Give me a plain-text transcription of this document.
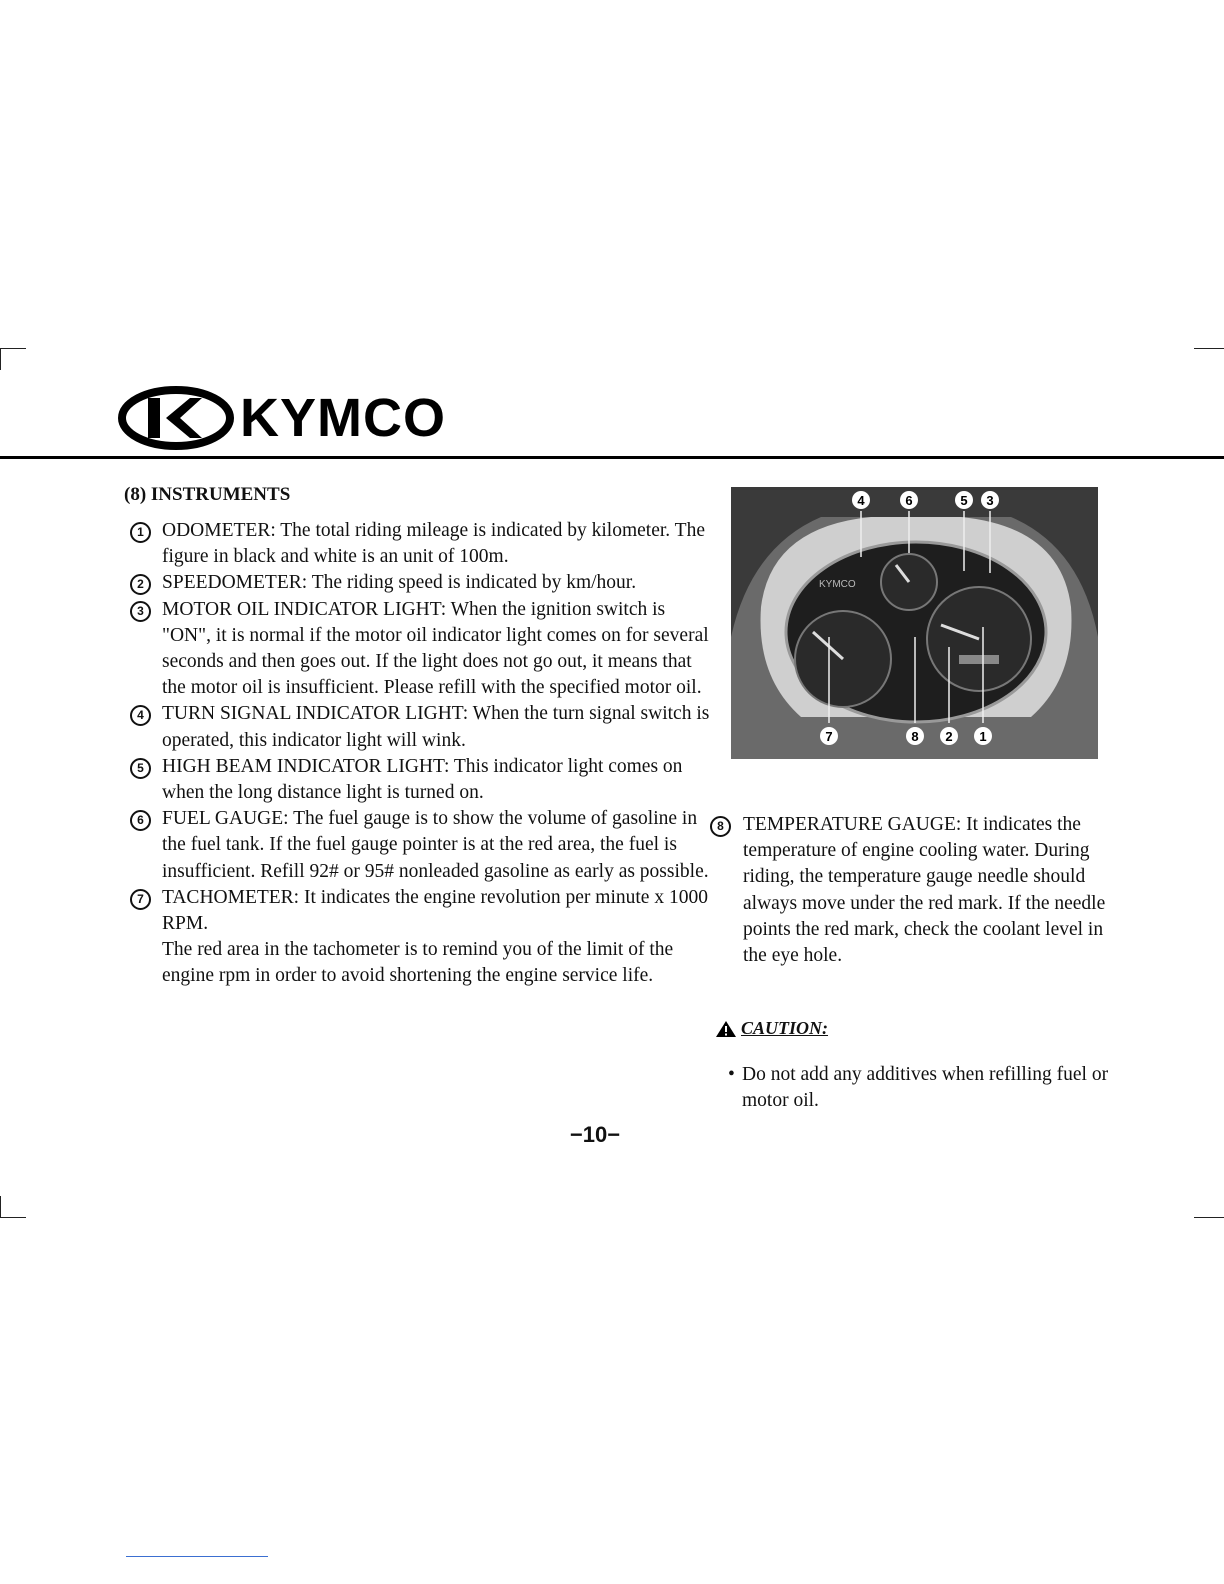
KYMCO
(8) INSTRUMENTS
1 ODOMETER: The total riding mileage is indicated by kilometer. The figure in black and white is an unit of 100m.
2 SPEEDOMETER: The riding speed is indicated by km/hour.
3 MOTOR OIL INDICATOR LIGHT: When the ignition switch is "ON", it is normal if the motor oil indicator light comes on for several seconds and then goes out. If the light does not go out, it means that the motor oil is insufficient. Please refill with the specified motor oil.
4 TURN SIGNAL INDICATOR LIGHT: When the turn signal switch is operated, this indicator light will wink.
5 HIGH BEAM INDICATOR LIGHT: This indicator light comes on when the long distance light is turned on.
6 FUEL GAUGE: The fuel gauge is to show the volume of gasoline in the fuel tank. If the fuel gauge pointer is at the red area, the fuel is insufficient. Refill 92# or 95# nonleaded gasoline as early as possible.
7 TACHOMETER: It indicates the engine revolution per minute x 1000 RPM.

The red area in the tachometer is to remind you of the limit of the engine rpm in order to avoid shortening the engine service life.

KYMCO
4	6	5 3
7	8 2 1
8 TEMPERATURE GAUGE: It indicates the temperature of engine cooling water. During riding, the temperature gauge needle should always move under the red mark. If the needle points the red mark, check the coolant level in the eye hole.
CAUTION:
• Do not add any additives when refilling fuel or motor oil.
−10−
